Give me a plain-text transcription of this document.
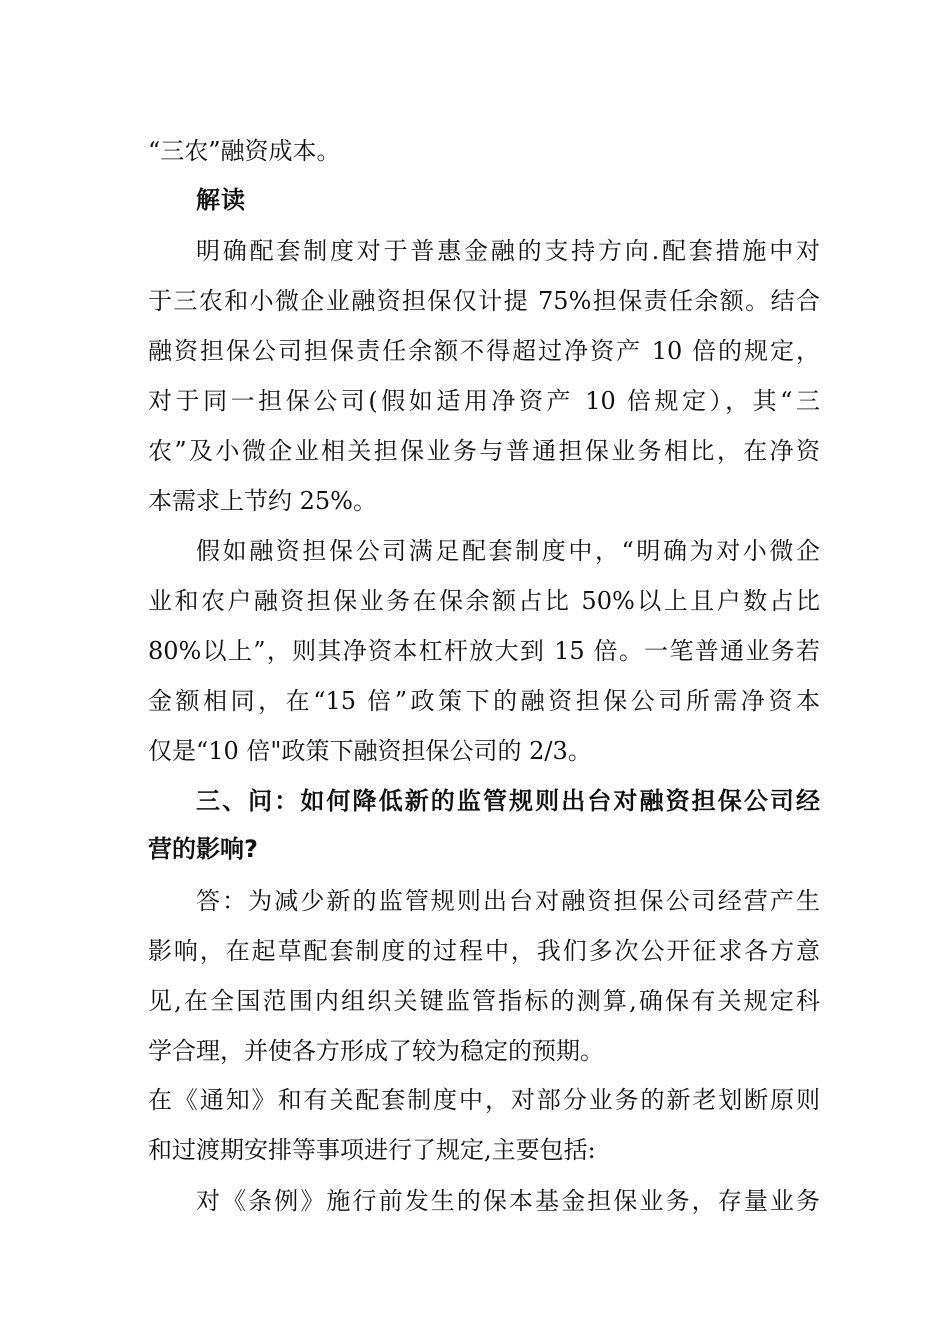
“三农”融资成本。
解读
明确配套制度对于普惠金融的支持方向.配套措施中对
于三农和小微企业融资担保仅计提 75%担保责任余额。结合
融资担保公司担保责任余额不得超过净资产 10 倍的规定，
对于同一担保公司(假如适用净资产 10 倍规定），其“三
农”及小微企业相关担保业务与普通担保业务相比，在净资
本需求上节约 25%。
假如融资担保公司满足配套制度中，“明确为对小微企
业和农户融资担保业务在保余额占比 50%以上且户数占比
80%以上”，则其净资本杠杆放大到 15 倍。一笔普通业务若
金额相同，在“15 倍”政策下的融资担保公司所需净资本
仅是“10 倍"政策下融资担保公司的 2/3。
三、问：如何降低新的监管规则出台对融资担保公司经
营的影响?
答：为减少新的监管规则出台对融资担保公司经营产生
影响，在起草配套制度的过程中，我们多次公开征求各方意
见,在全国范围内组织关键监管指标的测算,确保有关规定科
学合理，并使各方形成了较为稳定的预期。
在《通知》和有关配套制度中，对部分业务的新老划断原则
和过渡期安排等事项进行了规定,主要包括:
对《条例》施行前发生的保本基金担保业务，存量业务
